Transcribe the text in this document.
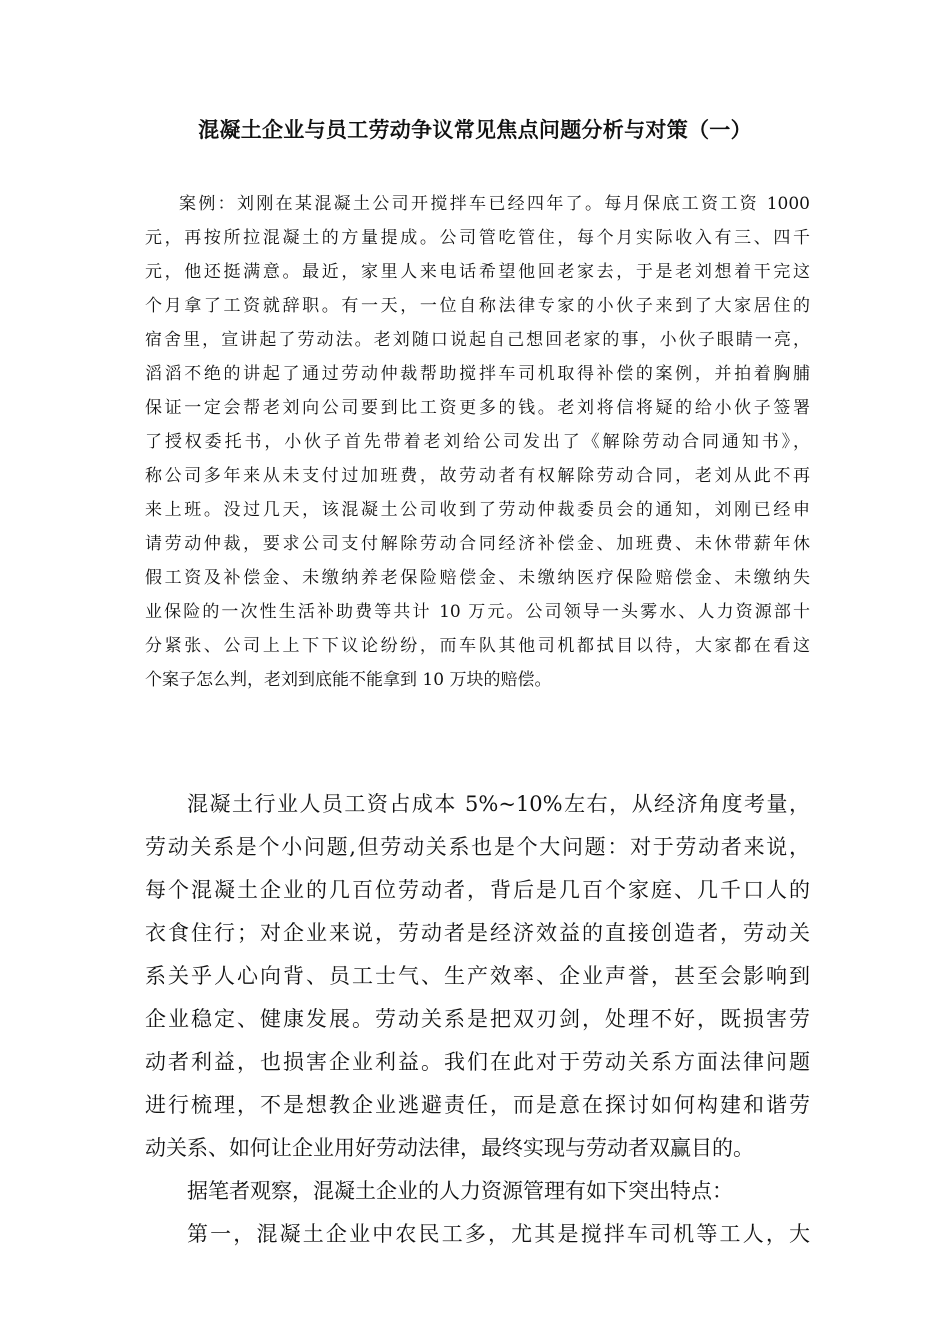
混凝土企业与员工劳动争议常见焦点问题分析与对策（一）
案例：刘刚在某混凝土公司开搅拌车已经四年了。每月保底工资工资 1000
元，再按所拉混凝土的方量提成。公司管吃管住，每个月实际收入有三、四千
元，他还挺满意。最近，家里人来电话希望他回老家去，于是老刘想着干完这
个月拿了工资就辞职。有一天，一位自称法律专家的小伙子来到了大家居住的
宿舍里，宣讲起了劳动法。老刘随口说起自己想回老家的事，小伙子眼睛一亮，
滔滔不绝的讲起了通过劳动仲裁帮助搅拌车司机取得补偿的案例，并拍着胸脯
保证一定会帮老刘向公司要到比工资更多的钱。老刘将信将疑的给小伙子签署
了授权委托书，小伙子首先带着老刘给公司发出了《解除劳动合同通知书》，
称公司多年来从未支付过加班费，故劳动者有权解除劳动合同，老刘从此不再
来上班。没过几天，该混凝土公司收到了劳动仲裁委员会的通知，刘刚已经申
请劳动仲裁，要求公司支付解除劳动合同经济补偿金、加班费、未休带薪年休
假工资及补偿金、未缴纳养老保险赔偿金、未缴纳医疗保险赔偿金、未缴纳失
业保险的一次性生活补助费等共计 10 万元。公司领导一头雾水、人力资源部十
分紧张、公司上上下下议论纷纷，而车队其他司机都拭目以待，大家都在看这
个案子怎么判，老刘到底能不能拿到 10 万块的赔偿。
混凝土行业人员工资占成本 5%~10%左右，从经济角度考量，
劳动关系是个小问题,但劳动关系也是个大问题：对于劳动者来说，
每个混凝土企业的几百位劳动者，背后是几百个家庭、几千口人的
衣食住行；对企业来说，劳动者是经济效益的直接创造者，劳动关
系关乎人心向背、员工士气、生产效率、企业声誉，甚至会影响到
企业稳定、健康发展。劳动关系是把双刃剑，处理不好，既损害劳
动者利益，也损害企业利益。我们在此对于劳动关系方面法律问题
进行梳理，不是想教企业逃避责任，而是意在探讨如何构建和谐劳
动关系、如何让企业用好劳动法律，最终实现与劳动者双赢目的。
据笔者观察，混凝土企业的人力资源管理有如下突出特点：
第一，混凝土企业中农民工多，尤其是搅拌车司机等工人，大
